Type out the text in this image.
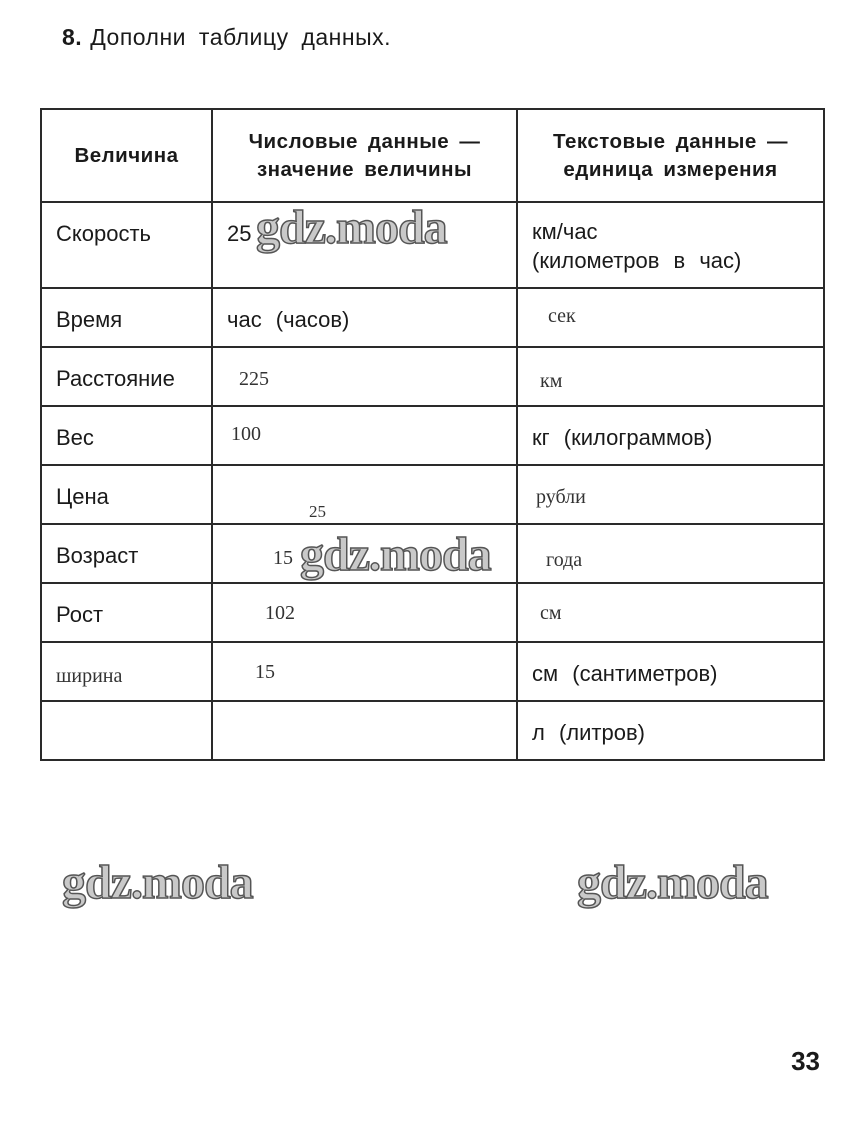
8. Дополни таблицу данных.
Величина	Числовые данные — значение величины	Текстовые данные — единица измерения

Скорость	25	км/час
(километров в час)

Время	час (часов)	сек

Расстояние	225	км

Вес	100	кг (килограммов)

Цена	25	рубли

Возраст	15	года

Рост	102	см

ширина	15	см (сантиметров)

		л (литров)
gdz.moda
gdz.moda
gdz.moda	gdz.moda
33
